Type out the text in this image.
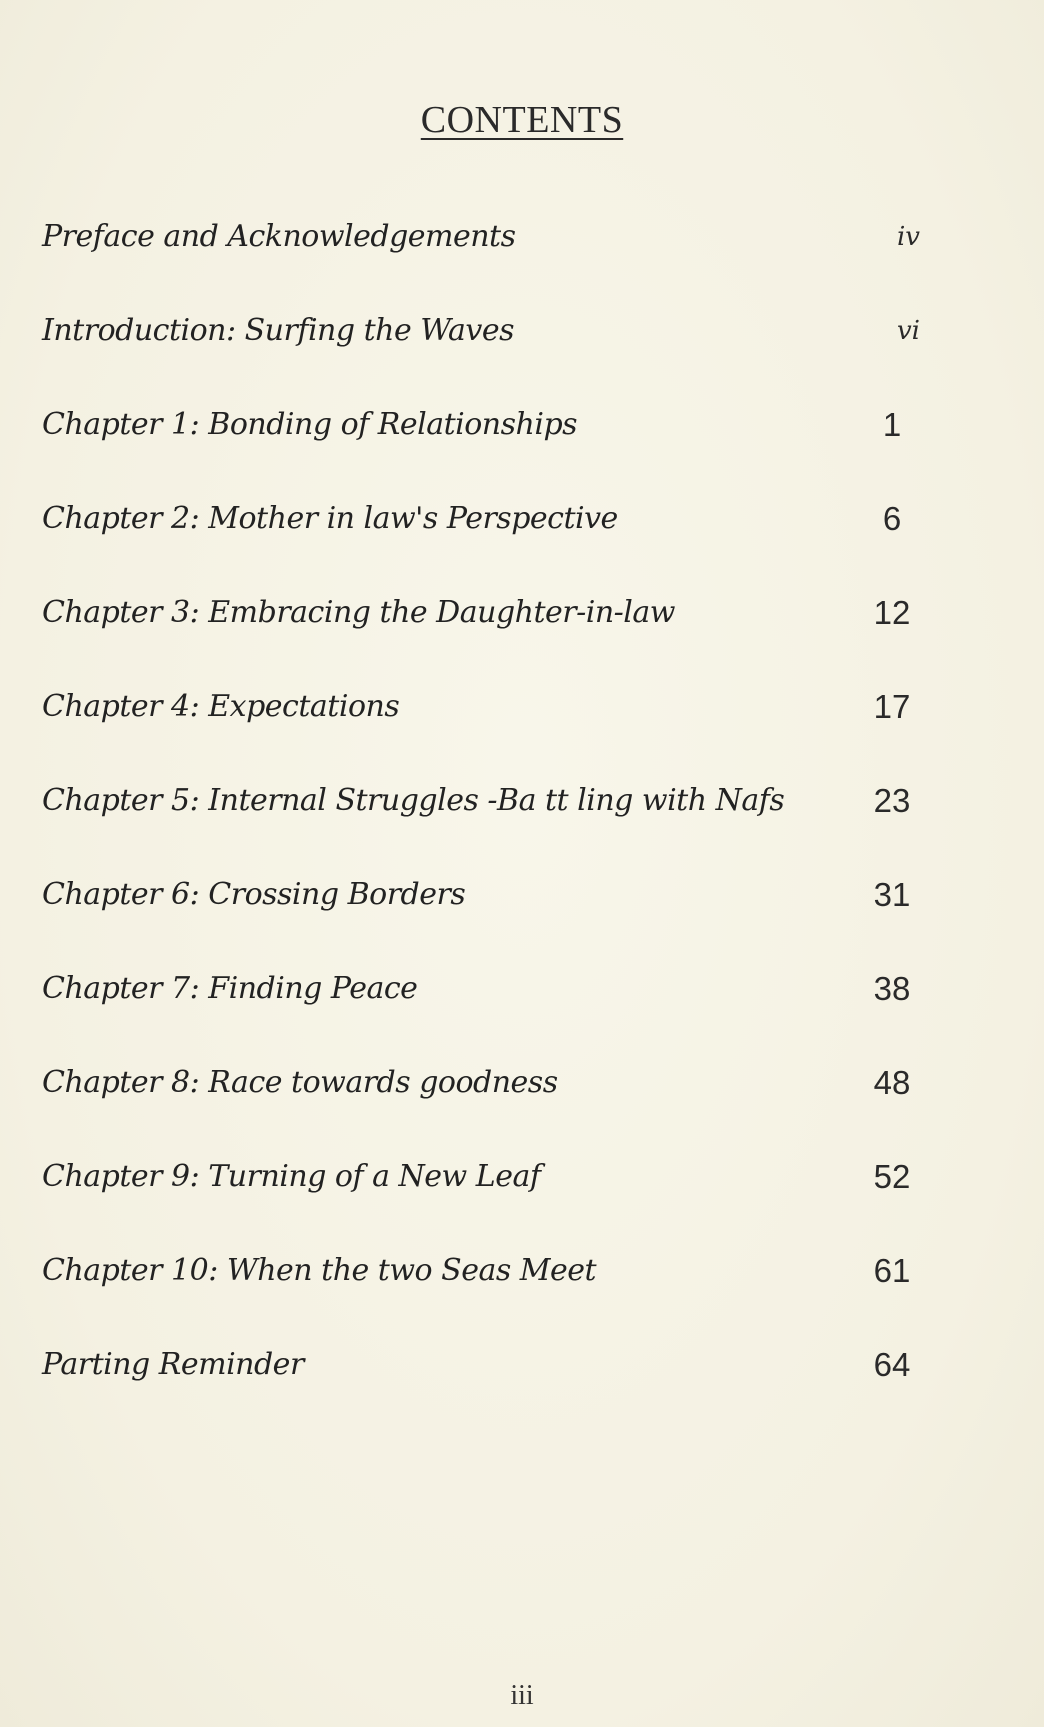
CONTENTS
Preface and Acknowledgements	iv
Introduction: Surfing the Waves	vi
Chapter 1: Bonding of Relationships	1
Chapter 2: Mother in law's Perspective	6
Chapter 3: Embracing the Daughter-in-law	12
Chapter 4: Expectations	17
Chapter 5: Internal Struggles -Ba tt ling with Nafs	23
Chapter 6: Crossing Borders	31
Chapter 7: Finding Peace	38
Chapter 8: Race towards goodness	48
Chapter 9: Turning of a New Leaf	52
Chapter 10: When the two Seas Meet	61
Parting Reminder	64
iii
